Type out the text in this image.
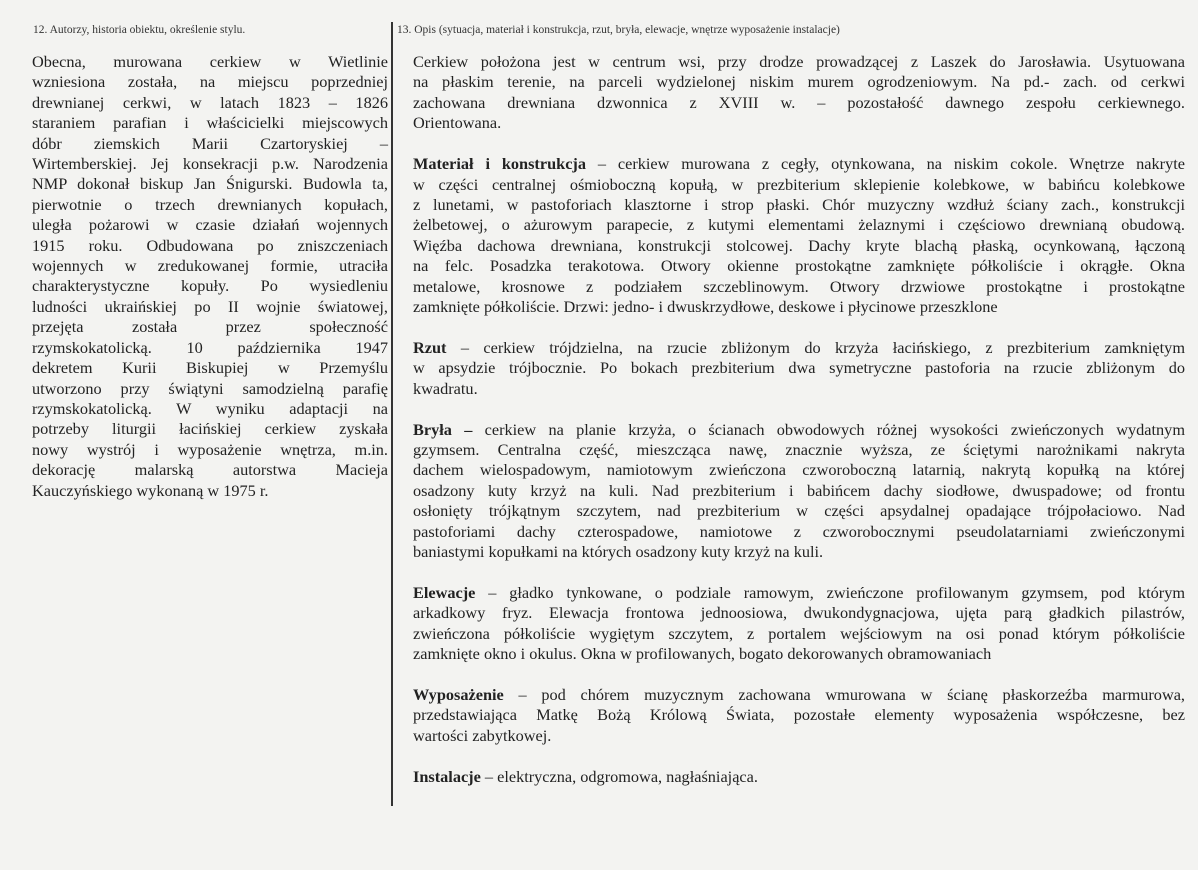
12. Autorzy, historia obiektu, określenie stylu.	13. Opis (sytuacja, materiał i konstrukcja, rzut, bryła, elewacje, wnętrze wyposażenie instalacje)
Obecna, murowana cerkiew w Wietlinie
wzniesiona została, na miejscu poprzedniej
drewnianej cerkwi, w latach 1823 – 1826
staraniem parafian i właścicielki miejscowych
dóbr ziemskich Marii Czartoryskiej –
Wirtemberskiej. Jej konsekracji p.w. Narodzenia
NMP dokonał biskup Jan Śnigurski. Budowla ta,
pierwotnie o trzech drewnianych kopułach,
uległa pożarowi w czasie działań wojennych
1915 roku. Odbudowana po zniszczeniach
wojennych w zredukowanej formie, utraciła
charakterystyczne kopuły. Po wysiedleniu
ludności ukraińskiej po II wojnie światowej,
przejęta została przez społeczność
rzymskokatolicką. 10 października 1947
dekretem Kurii Biskupiej w Przemyślu
utworzono przy świątyni samodzielną parafię
rzymskokatolicką. W wyniku adaptacji na
potrzeby liturgii łacińskiej cerkiew zyskała
nowy wystrój i wyposażenie wnętrza, m.in.
dekorację malarską autorstwa Macieja
Kauczyńskiego wykonaną w 1975 r.
Cerkiew położona jest w centrum wsi, przy drodze prowadzącej z Laszek do Jarosławia. Usytuowana
na płaskim terenie, na parceli wydzielonej niskim murem ogrodzeniowym. Na pd.- zach. od cerkwi
zachowana drewniana dzwonnica z XVIII w. – pozostałość dawnego zespołu cerkiewnego.
Orientowana.
Materiał i konstrukcja – cerkiew murowana z cegły, otynkowana, na niskim cokole. Wnętrze nakryte
w części centralnej ośmioboczną kopułą, w prezbiterium sklepienie kolebkowe, w babińcu kolebkowe
z lunetami, w pastoforiach klasztorne i strop płaski. Chór muzyczny wzdłuż ściany zach., konstrukcji
żelbetowej, o ażurowym parapecie, z kutymi elementami żelaznymi i częściowo drewnianą obudową.
Więźba dachowa drewniana, konstrukcji stolcowej. Dachy kryte blachą płaską, ocynkowaną, łączoną
na felc. Posadzka terakotowa. Otwory okienne prostokątne zamknięte półkoliście i okrągłe. Okna
metalowe, krosnowe z podziałem szczeblinowym. Otwory drzwiowe prostokątne i prostokątne
zamknięte półkoliście. Drzwi: jedno- i dwuskrzydłowe, deskowe i płycinowe przeszklone
Rzut – cerkiew trójdzielna, na rzucie zbliżonym do krzyża łacińskiego, z prezbiterium zamkniętym
w apsydzie trójbocznie. Po bokach prezbiterium dwa symetryczne pastoforia na rzucie zbliżonym do
kwadratu.
Bryła – cerkiew na planie krzyża, o ścianach obwodowych różnej wysokości zwieńczonych wydatnym
gzymsem. Centralna część, mieszcząca nawę, znacznie wyższa, ze ściętymi narożnikami nakryta
dachem wielospadowym, namiotowym zwieńczona czworoboczną latarnią, nakrytą kopułką na której
osadzony kuty krzyż na kuli. Nad prezbiterium i babińcem dachy siodłowe, dwuspadowe; od frontu
osłonięty trójkątnym szczytem, nad prezbiterium w części apsydalnej opadające trójpołaciowo. Nad
pastoforiami dachy czterospadowe, namiotowe z czworobocznymi pseudolatarniami zwieńczonymi
baniastymi kopułkami na których osadzony kuty krzyż na kuli.
Elewacje – gładko tynkowane, o podziale ramowym, zwieńczone profilowanym gzymsem, pod którym
arkadkowy fryz. Elewacja frontowa jednoosiowa, dwukondygnacjowa, ujęta parą gładkich pilastrów,
zwieńczona półkoliście wygiętym szczytem, z portalem wejściowym na osi ponad którym półkoliście
zamknięte okno i okulus. Okna w profilowanych, bogato dekorowanych obramowaniach
Wyposażenie – pod chórem muzycznym zachowana wmurowana w ścianę płaskorzeźba marmurowa,
przedstawiająca Matkę Bożą Królową Świata, pozostałe elementy wyposażenia współczesne, bez
wartości zabytkowej.
Instalacje – elektryczna, odgromowa, nagłaśniająca.
